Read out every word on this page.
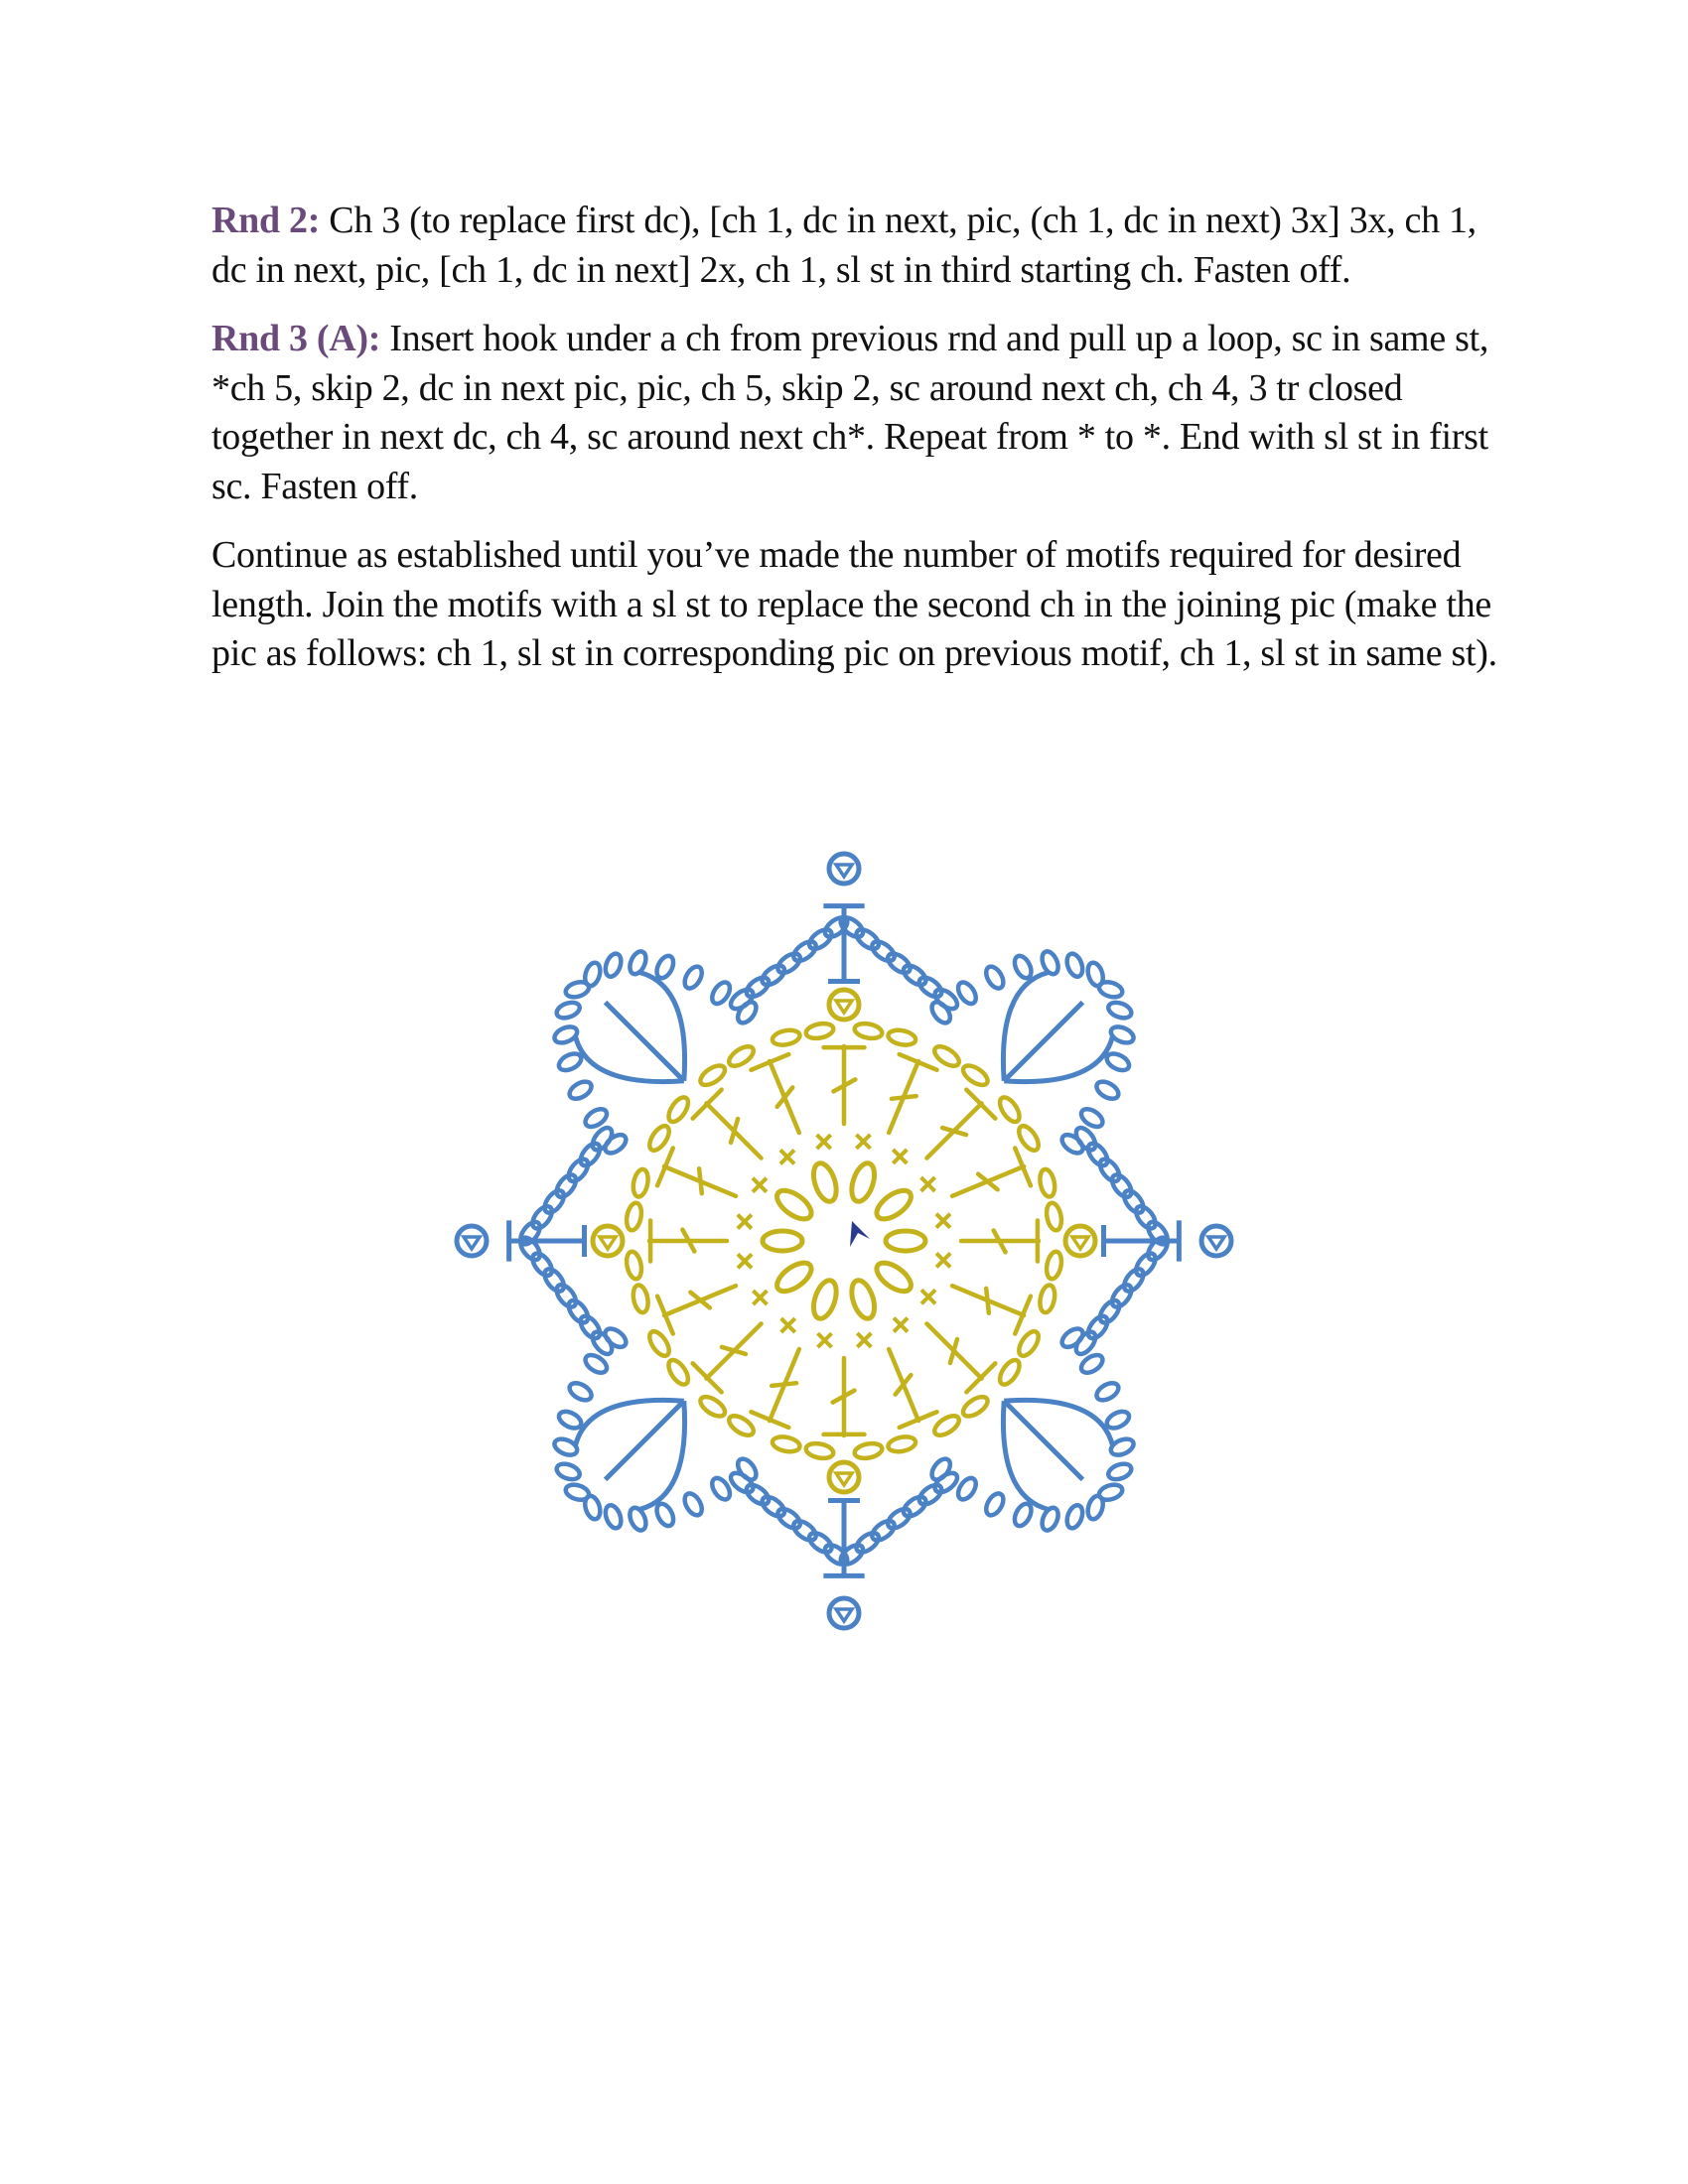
Rnd 2: Ch 3 (to replace first dc), [ch 1, dc in next, pic, (ch 1, dc in next) 3x] 3x, ch 1, dc in next, pic, [ch 1, dc in next] 2x, ch 1, sl st in third starting ch. Fasten off.

Rnd 3 (A): Insert hook under a ch from previous rnd and pull up a loop, sc in same st, *ch 5, skip 2, dc in next pic, pic, ch 5, skip 2, sc around next ch, ch 4, 3 tr closed together in next dc, ch 4, sc around next ch*. Repeat from * to *. End with sl st in first sc. Fasten off.

Continue as established until you’ve made the number of motifs required for desired length. Join the motifs with a sl st to replace the second ch in the joining pic (make the pic as follows: ch 1, sl st in corresponding pic on previous motif, ch 1, sl st in same st).
